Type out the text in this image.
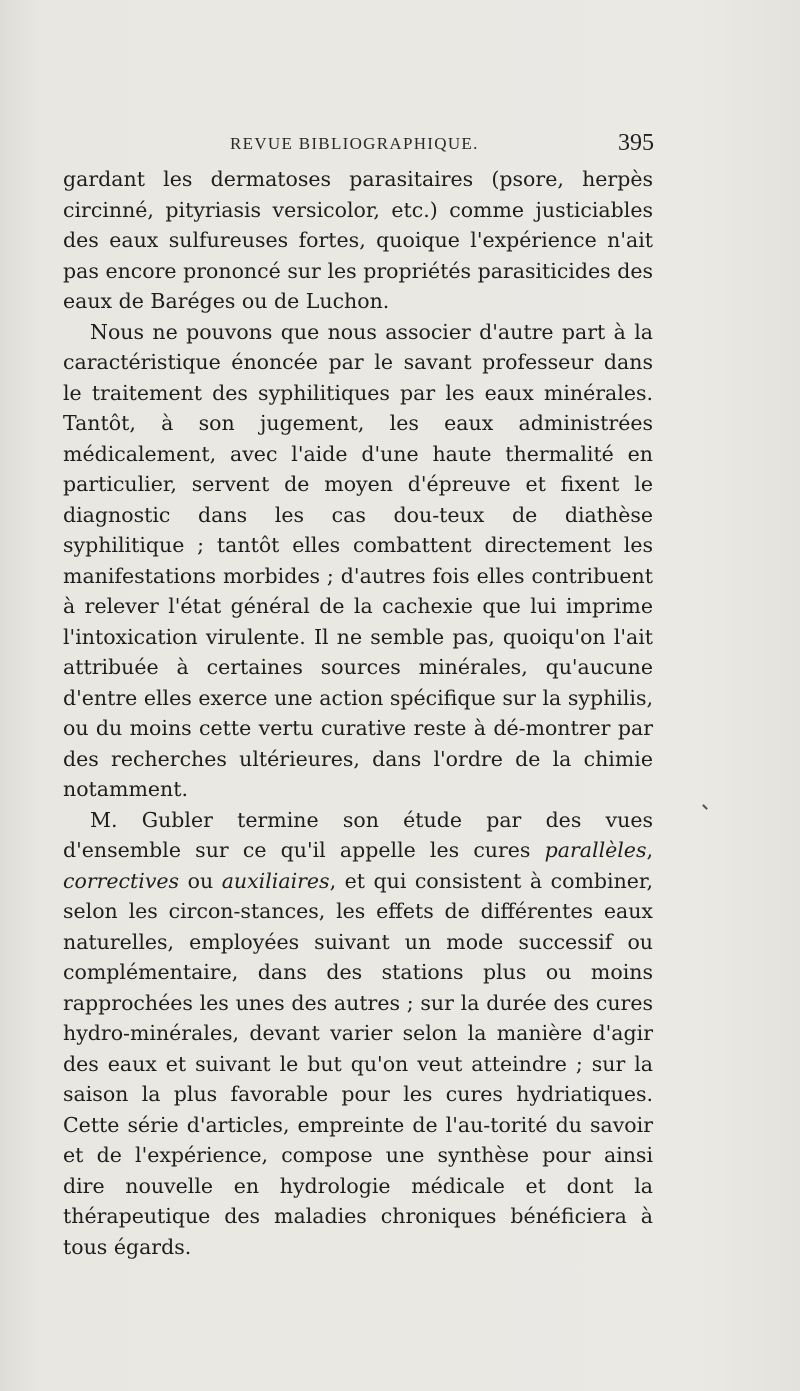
REVUE BIBLIOGRAPHIQUE.	395

gardant les dermatoses parasitaires (psore, herpès circinné, pityriasis versicolor, etc.) comme justiciables des eaux sulfureuses fortes, quoique l'expérience n'ait pas encore prononcé sur les propriétés parasiticides des eaux de Baréges ou de Luchon.

Nous ne pouvons que nous associer d'autre part à la caractéristique énoncée par le savant professeur dans le traitement des syphilitiques par les eaux minérales. Tantôt, à son jugement, les eaux administrées médicalement, avec l'aide d'une haute thermalité en particulier, servent de moyen d'épreuve et fixent le diagnostic dans les cas dou-teux de diathèse syphilitique ; tantôt elles combattent directement les manifestations morbides ; d'autres fois elles contribuent à relever l'état général de la cachexie que lui imprime l'intoxication virulente. Il ne semble pas, quoiqu'on l'ait attribuée à certaines sources minérales, qu'aucune d'entre elles exerce une action spécifique sur la syphilis, ou du moins cette vertu curative reste à dé-montrer par des recherches ultérieures, dans l'ordre de la chimie notamment.

M. Gubler termine son étude par des vues d'ensemble sur ce qu'il appelle les cures parallèles, correctives ou auxiliaires, et qui consistent à combiner, selon les circon-stances, les effets de différentes eaux naturelles, employées suivant un mode successif ou complémentaire, dans des stations plus ou moins rapprochées les unes des autres ; sur la durée des cures hydro-minérales, devant varier selon la manière d'agir des eaux et suivant le but qu'on veut atteindre ; sur la saison la plus favorable pour les cures hydriatiques. Cette série d'articles, empreinte de l'au-torité du savoir et de l'expérience, compose une synthèse pour ainsi dire nouvelle en hydrologie médicale et dont la thérapeutique des maladies chroniques bénéficiera à tous égards.
